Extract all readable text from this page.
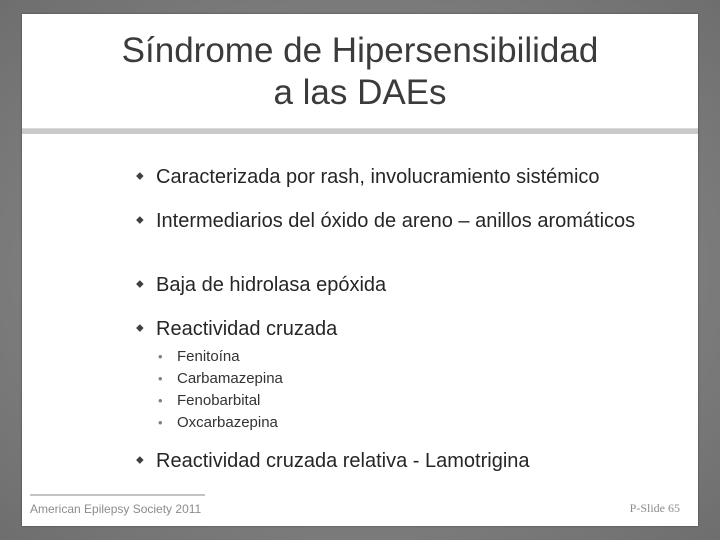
Síndrome de Hipersensibilidad
a las DAEs
⬥ Caracterizada por rash, involucramiento sistémico
⬥ Intermediarios del óxido de areno – anillos aromáticos
⬥ Baja de hidrolasa epóxida
⬥ Reactividad cruzada
• Fenitoína
• Carbamazepina
• Fenobarbital
• Oxcarbazepina
⬥ Reactividad cruzada relativa - Lamotrigina
American Epilepsy Society 2011	P-Slide 65
